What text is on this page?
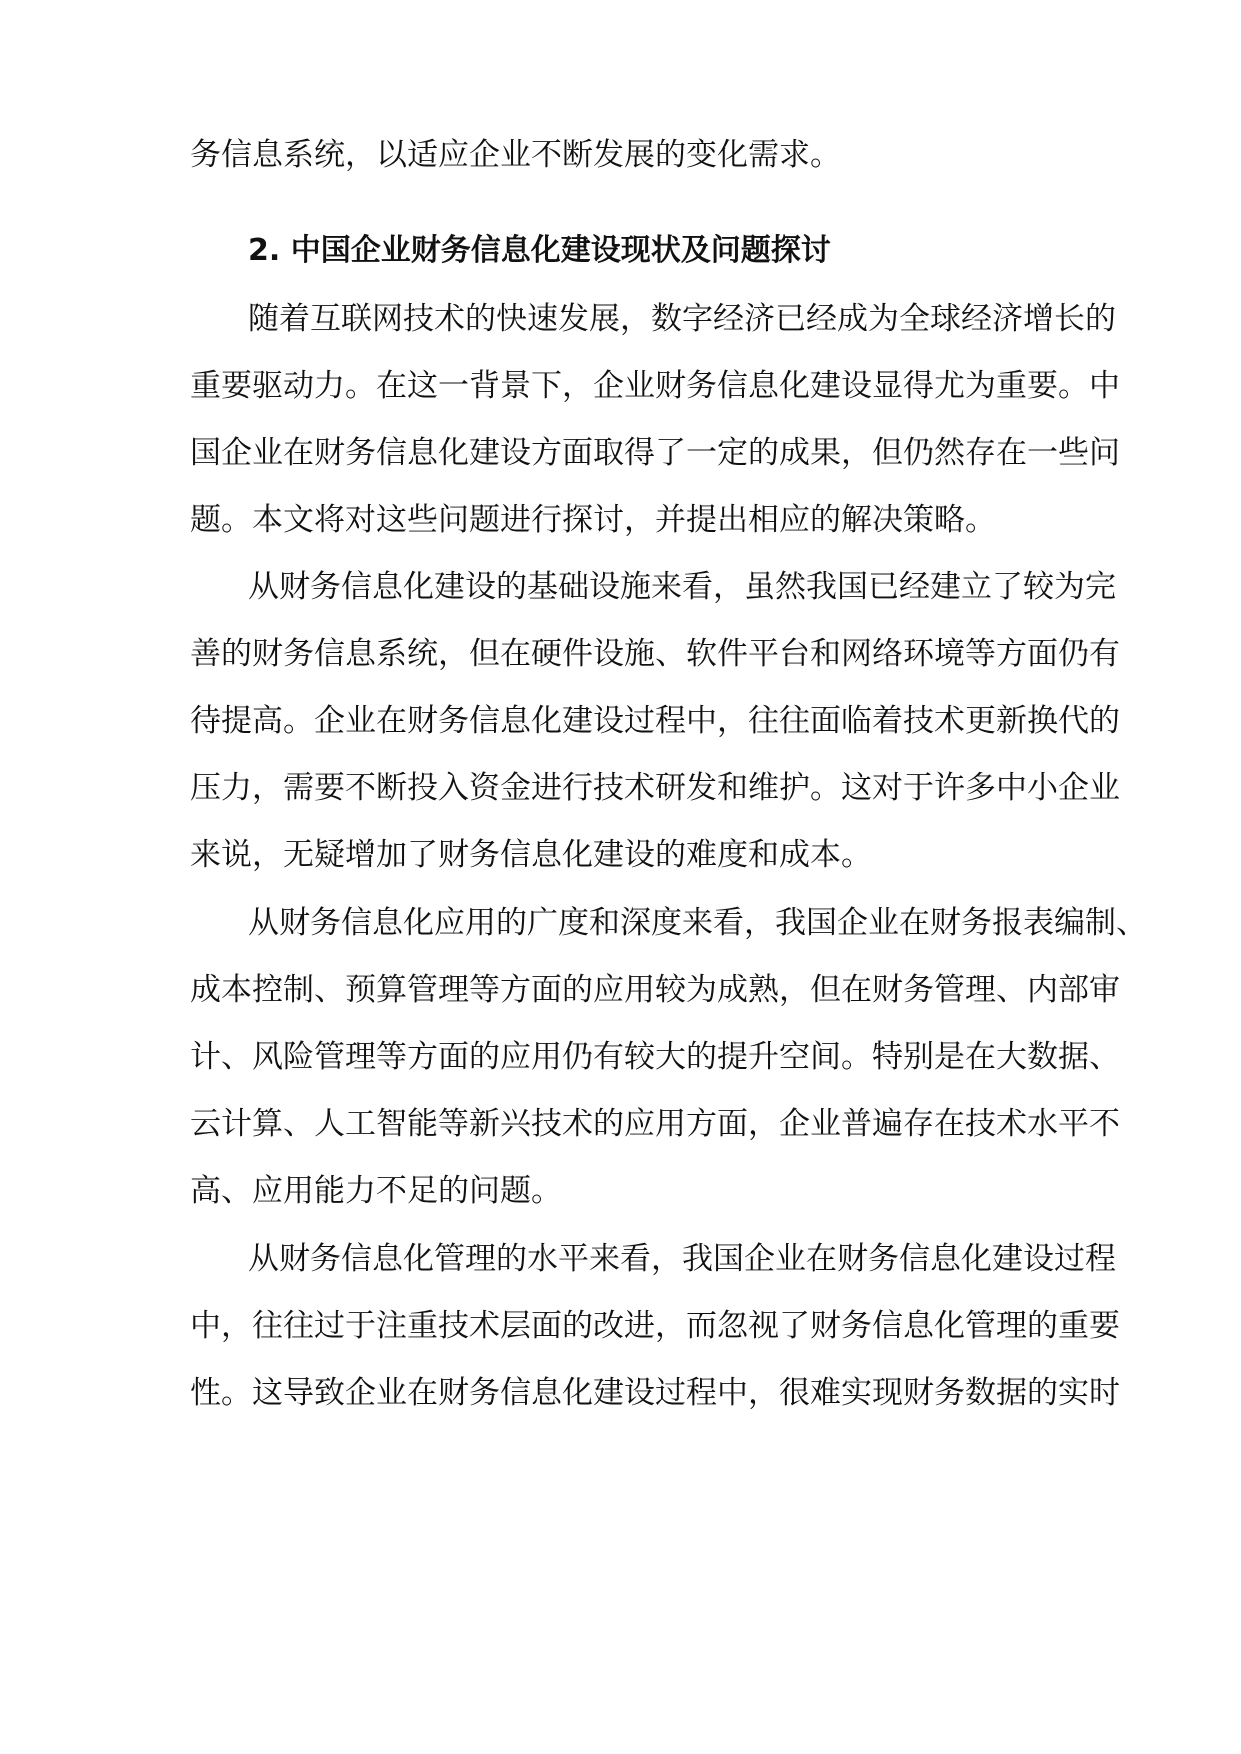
务信息系统，以适应企业不断发展的变化需求。
2. 中国企业财务信息化建设现状及问题探讨
随着互联网技术的快速发展，数字经济已经成为全球经济增长的
重要驱动力。在这一背景下，企业财务信息化建设显得尤为重要。中
国企业在财务信息化建设方面取得了一定的成果，但仍然存在一些问
题。本文将对这些问题进行探讨，并提出相应的解决策略。
从财务信息化建设的基础设施来看，虽然我国已经建立了较为完
善的财务信息系统，但在硬件设施、软件平台和网络环境等方面仍有
待提高。企业在财务信息化建设过程中，往往面临着技术更新换代的
压力，需要不断投入资金进行技术研发和维护。这对于许多中小企业
来说，无疑增加了财务信息化建设的难度和成本。
从财务信息化应用的广度和深度来看，我国企业在财务报表编制、
成本控制、预算管理等方面的应用较为成熟，但在财务管理、内部审
计、风险管理等方面的应用仍有较大的提升空间。特别是在大数据、
云计算、人工智能等新兴技术的应用方面，企业普遍存在技术水平不
高、应用能力不足的问题。
从财务信息化管理的水平来看，我国企业在财务信息化建设过程
中，往往过于注重技术层面的改进，而忽视了财务信息化管理的重要
性。这导致企业在财务信息化建设过程中，很难实现财务数据的实时
